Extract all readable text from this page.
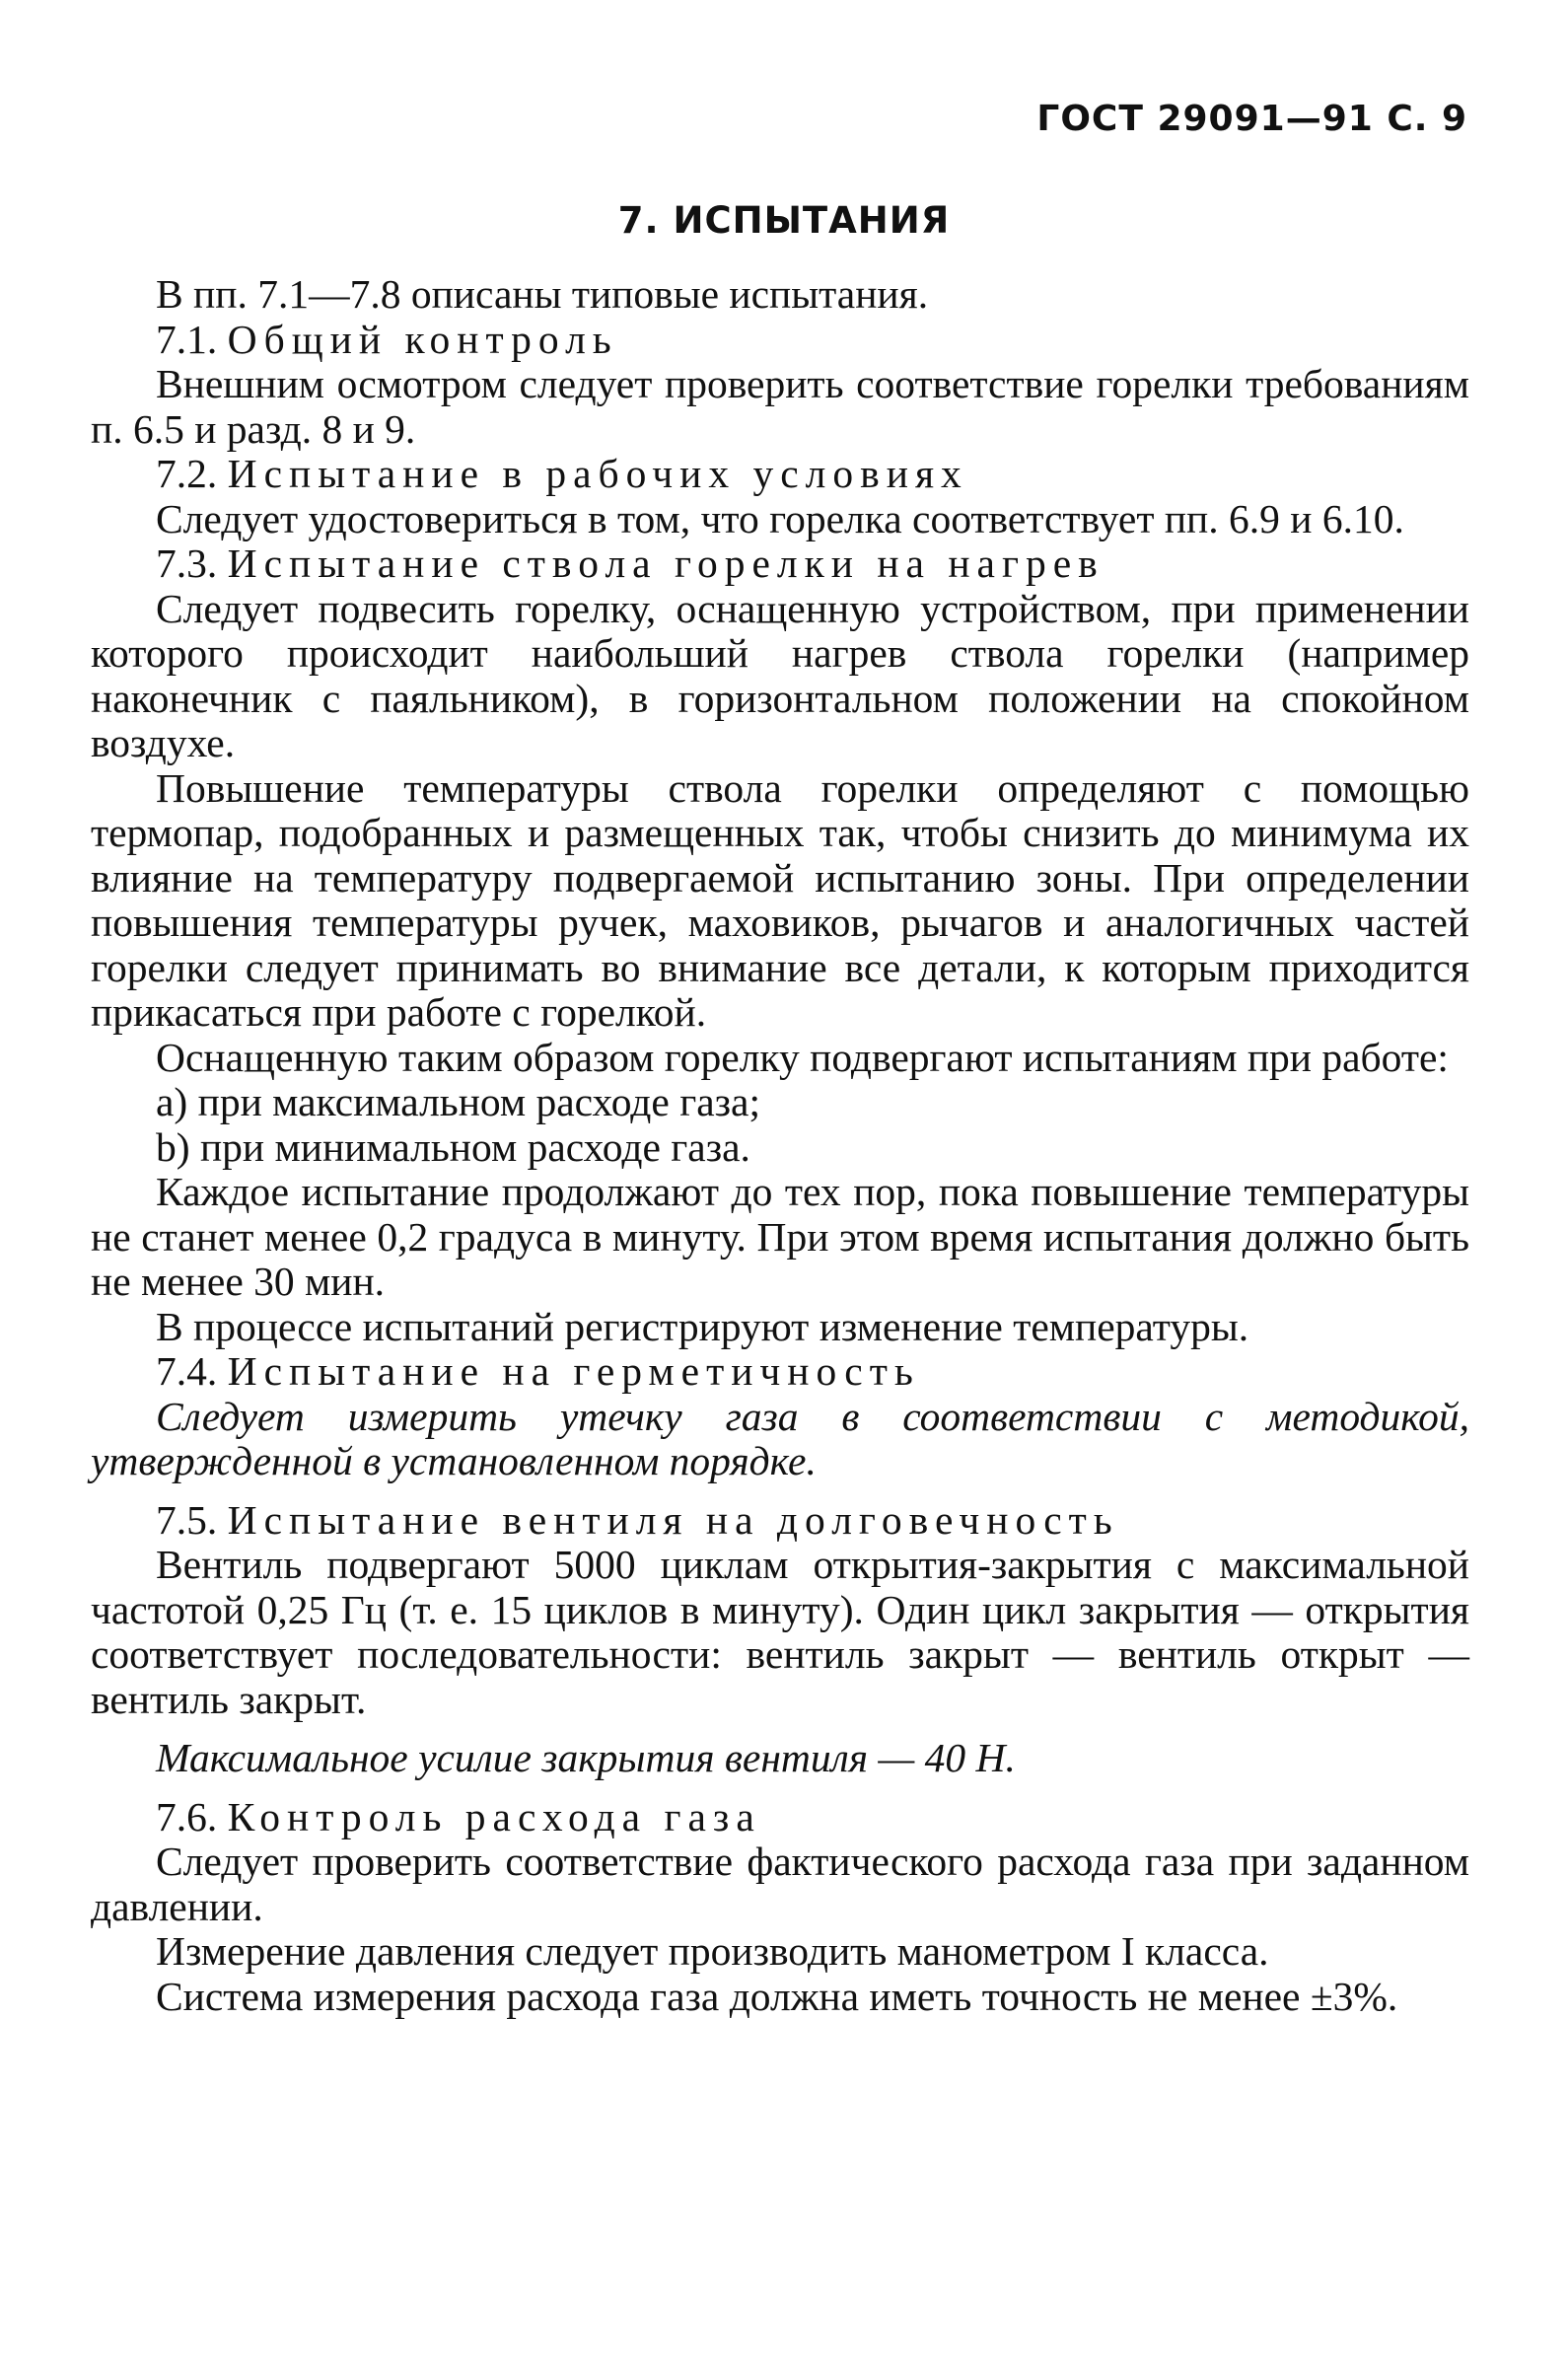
ГОСТ 29091—91 С. 9
7. ИСПЫТАНИЯ

В пп. 7.1—7.8 описаны типовые испытания.

7.1. Общий контроль

Внешним осмотром следует проверить соответствие горелки требованиям п. 6.5 и разд. 8 и 9.

7.2. Испытание в рабочих условиях

Следует удостовериться в том, что горелка соответствует пп. 6.9 и 6.10.

7.3. Испытание ствола горелки на нагрев

Следует подвесить горелку, оснащенную устройством, при применении которого происходит наибольший нагрев ствола горелки (например наконечник с паяльником), в горизонтальном положении на спокойном воздухе.

Повышение температуры ствола горелки определяют с помощью термопар, подобранных и размещенных так, чтобы снизить до минимума их влияние на температуру подвергаемой испытанию зоны. При определении повышения температуры ручек, маховиков, рычагов и аналогичных частей горелки следует принимать во внимание все детали, к которым приходится прикасаться при работе с горелкой.

Оснащенную таким образом горелку подвергают испытаниям при работе:

а) при максимальном расходе газа;

b) при минимальном расходе газа.

Каждое испытание продолжают до тех пор, пока повышение температуры не станет менее 0,2 градуса в минуту. При этом время испытания должно быть не менее 30 мин.

В процессе испытаний регистрируют изменение температуры.

7.4. Испытание на герметичность

Следует измерить утечку газа в соответствии с методикой, утвержденной в установленном порядке.

7.5. Испытание вентиля на долговечность

Вентиль подвергают 5000 циклам открытия-закрытия с максимальной частотой 0,25 Гц (т. е. 15 циклов в минуту). Один цикл закрытия — открытия соответствует последовательности: вентиль закрыт — вентиль открыт — вентиль закрыт.

Максимальное усилие закрытия вентиля — 40 Н.

7.6. Контроль расхода газа

Следует проверить соответствие фактического расхода газа при заданном давлении.

Измерение давления следует производить манометром I класса.

Система измерения расхода газа должна иметь точность не менее ±3%.
